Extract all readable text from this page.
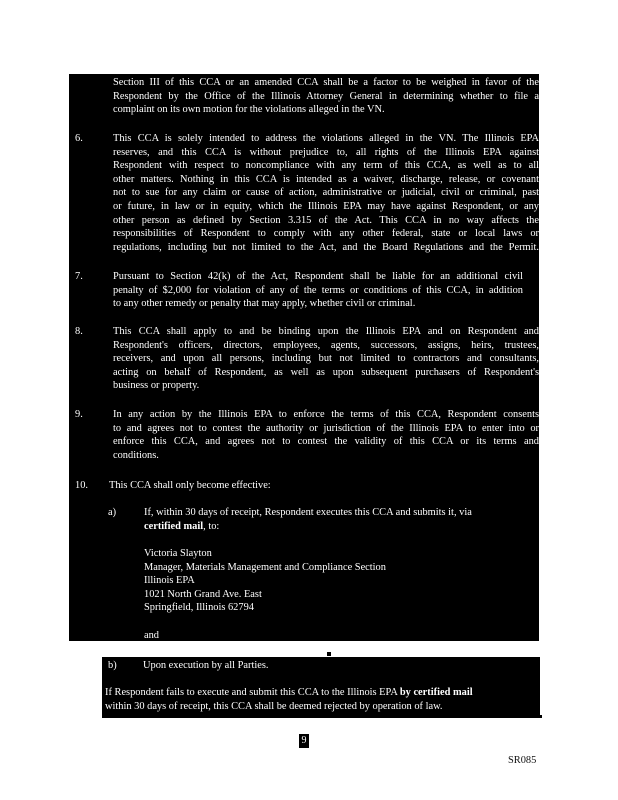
Section III of this CCA or an amended CCA shall be a factor to be weighed in favor of the
Respondent by the Office of the Illinois Attorney General in determining whether to file a
complaint on its own motion for the violations alleged in the VN.
6.	This CCA is solely intended to address the violations alleged in the VN. The Illinois EPA
reserves, and this CCA is without prejudice to, all rights of the Illinois EPA against
Respondent with respect to noncompliance with any term of this CCA, as well as to all
other matters. Nothing in this CCA is intended as a waiver, discharge, release, or covenant
not to sue for any claim or cause of action, administrative or judicial, civil or criminal, past
or future, in law or in equity, which the Illinois EPA may have against Respondent, or any
other person as defined by Section 3.315 of the Act. This CCA in no way affects the
responsibilities of Respondent to comply with any other federal, state or local laws or
regulations, including but not limited to the Act, and the Board Regulations and the Permit.
7.	Pursuant to Section 42(k) of the Act, Respondent shall be liable for an additional civil
penalty of $2,000 for violation of any of the terms or conditions of this CCA, in addition
to any other remedy or penalty that may apply, whether civil or criminal.
8.	This CCA shall apply to and be binding upon the Illinois EPA and on Respondent and
Respondent's officers, directors, employees, agents, successors, assigns, heirs, trustees,
receivers, and upon all persons, including but not limited to contractors and consultants,
acting on behalf of Respondent, as well as upon subsequent purchasers of Respondent's
business or property.
9.	In any action by the Illinois EPA to enforce the terms of this CCA, Respondent consents
to and agrees not to contest the authority or jurisdiction of the Illinois EPA to enter into or
enforce this CCA, and agrees not to contest the validity of this CCA or its terms and
conditions.
10. This CCA shall only become effective:
a)	If, within 30 days of receipt, Respondent executes this CCA and submits it, via
certified mail, to:
Victoria Slayton
Manager, Materials Management and Compliance Section
Illinois EPA
1021 North Grand Ave. East
Springfield, Illinois 62794
and
b)	Upon execution by all Parties.
If Respondent fails to execute and submit this CCA to the Illinois EPA by certified mail
within 30 days of receipt, this CCA shall be deemed rejected by operation of law.
9
SR085
